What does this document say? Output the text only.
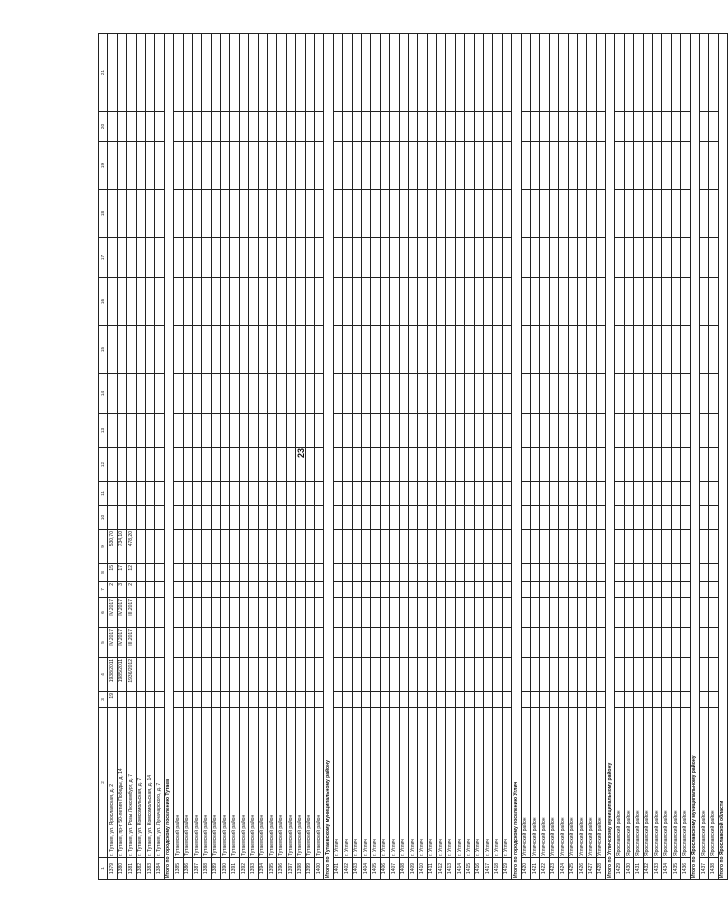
23
1	2	3	4	5	6	7	8	9	10	11	12	13	14	15	16	17	18	19	20	21
1379	г. Тутаев, ул. Ярославская, д. 2	19	1938/2011	IV.2017	IV.2017	2	15	530,70												
1380	г. Тутаев, пр-т 50-летия Победы, д. 14		1985/2011	IV.2017	IV.2017	3	17	734,10												
1381	г. Тутаев, ул. Розы Люксембург, д. 7		1936/2012	III.2017	III.2017	2	12	478,20												
1382	г. Тутаев, ул. Комсомольская, д. 7																			
1383	г. Тутаев, ул. Комсомольская, д. 14																			
1384	г. Тутаев, ул. Луначарского, д. 7																			
Итого по городскому поселению Тутаев																				
1385	Тутаевский район																			
1386	Тутаевский район																			
1387	Тутаевский район																			
1388	Тутаевский район																			
1389	Тутаевский район																			
1390	Тутаевский район																			
1391	Тутаевский район																			
1392	Тутаевский район																			
1393	Тутаевский район																			
1394	Тутаевский район																			
1395	Тутаевский район																			
1396	Тутаевский район																			
1397	Тутаевский район																			
1398	Тутаевский район																			
1399	Тутаевский район																			
1400	Тутаевский район																			
Итого по Тутаевскому муниципальному району																				
1401	г. Углич																			
1402	г. Углич																			
1403	г. Углич																			
1404	г. Углич																			
1405	г. Углич																			
1406	г. Углич																			
1407	г. Углич																			
1408	г. Углич																			
1409	г. Углич																			
1410	г. Углич																			
1411	г. Углич																			
1412	г. Углич																			
1413	г. Углич																			
1414	г. Углич																			
1415	г. Углич																			
1416	г. Углич																			
1417	г. Углич																			
1418	г. Углич																			
1419	г. Углич																			
Итого по городскому поселению Углич																				
1420	Угличский район																			
1421	Угличский район																			
1422	Угличский район																			
1423	Угличский район																			
1424	Угличский район																			
1425	Угличский район																			
1426	Угличский район																			
1427	Угличский район																			
1428	Угличский район																			
Итого по Угличскому муниципальному району																				
1429	Ярославский район																			
1430	Ярославский район																			
1431	Ярославский район																			
1432	Ярославский район																			
1433	Ярославский район																			
1434	Ярославский район																			
1435	Ярославский район																			
1436	Ярославский район																			
Итого по Ярославскому муниципальному району																				
1437	Ярославский район																			
1438	Ярославский район																			
Итого по Ярославской области																				
